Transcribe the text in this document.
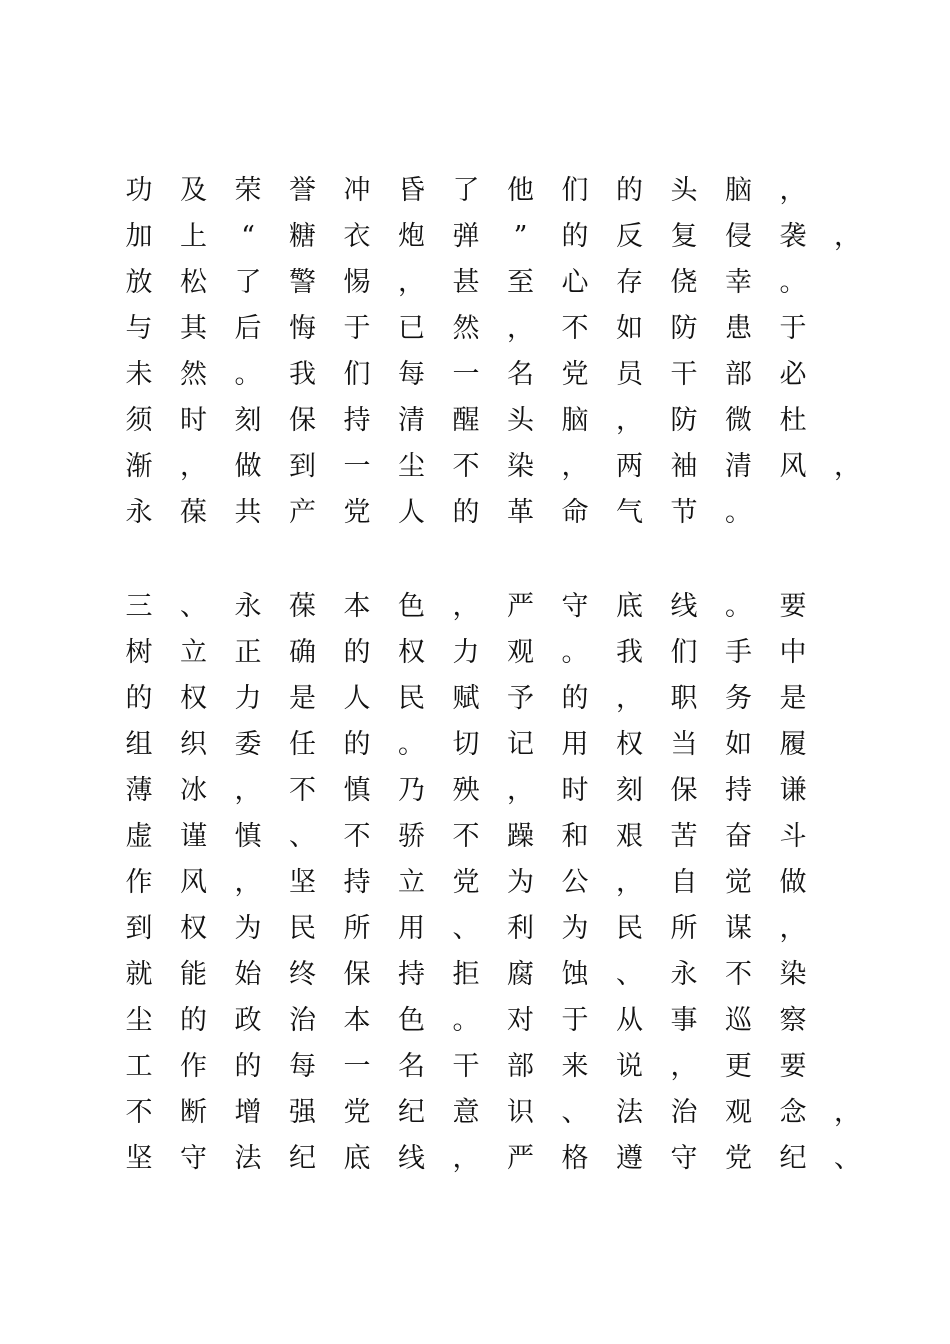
功 及 荣 誉 冲 昏 了 他 们 的 头 脑 ，
加 上 “ 糖 衣 炮 弹 ” 的 反 复 侵 袭 ，
放 松 了 警 惕 ， 甚 至 心 存 侥 幸 。
与 其 后 悔 于 已 然 ， 不 如 防 患 于
未 然 。 我 们 每 一 名 党 员 干 部 必
须 时 刻 保 持 清 醒 头 脑 ， 防 微 杜
渐 ， 做 到 一 尘 不 染 ， 两 袖 清 风 ，
永 葆 共 产 党 人 的 革 命 气 节 。
三 、 永 葆 本 色 ， 严 守 底 线 。 要
树 立 正 确 的 权 力 观 。 我 们 手 中
的 权 力 是 人 民 赋 予 的 ， 职 务 是
组 织 委 任 的 。 切 记 用 权 当 如 履
薄 冰 ， 不 慎 乃 殃 ， 时 刻 保 持 谦
虚 谨 慎 、 不 骄 不 躁 和 艰 苦 奋 斗
作 风 ， 坚 持 立 党 为 公 ， 自 觉 做
到 权 为 民 所 用 、 利 为 民 所 谋 ，
就 能 始 终 保 持 拒 腐 蚀 、 永 不 染
尘 的 政 治 本 色 。 对 于 从 事 巡 察
工 作 的 每 一 名 干 部 来 说 ， 更 要
不 断 增 强 党 纪 意 识 、 法 治 观 念 ，
坚 守 法 纪 底 线 ， 严 格 遵 守 党 纪 、
